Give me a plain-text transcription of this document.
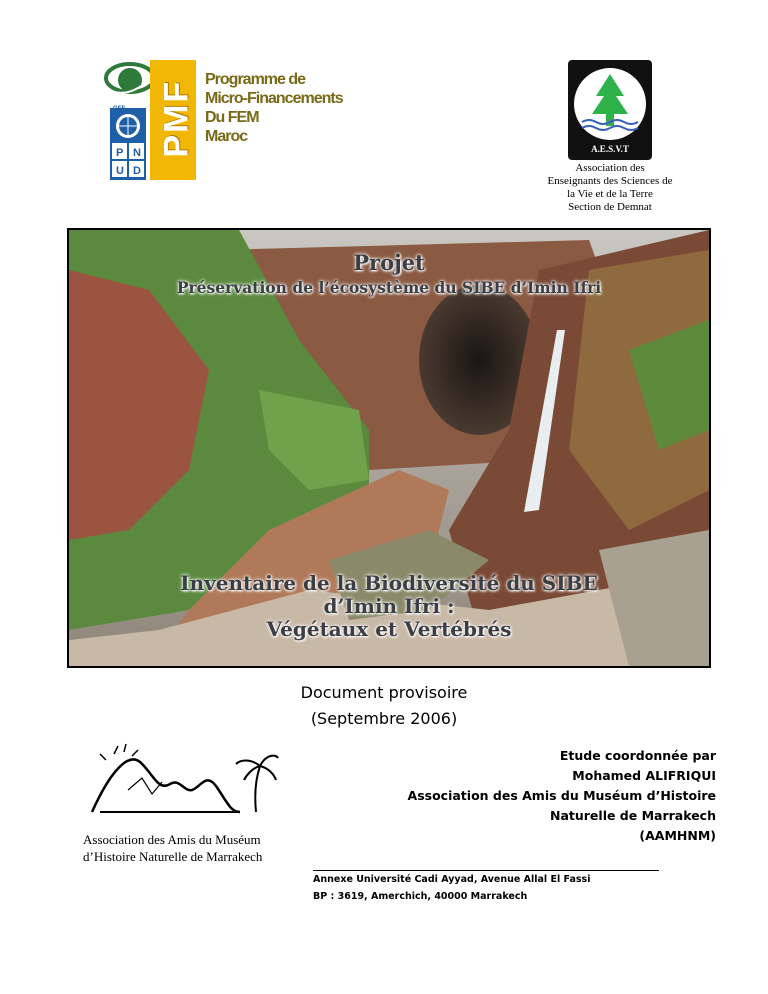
GEF
P N
U D
PMF
Programme de
Micro-Financements
Du FEM
Maroc
A.E.S.V.T
Association des
Enseignants des Sciences de
la Vie et de la Terre
Section de Demnat
Projet
Préservation de l’écosystème du SIBE d’Imin Ifri
Inventaire de la Biodiversité du SIBE
d’Imin Ifri :
Végétaux et Vertébrés
Document provisoire
(Septembre 2006)
Association des Amis du Muséum
d’Histoire Naturelle de Marrakech
Etude coordonnée par
Mohamed ALIFRIQUI
Association des Amis du Muséum d’Histoire
Naturelle de Marrakech
(AAMHNM)
Annexe Université Cadi Ayyad, Avenue Allal El Fassi
BP : 3619, Amerchich, 40000 Marrakech
